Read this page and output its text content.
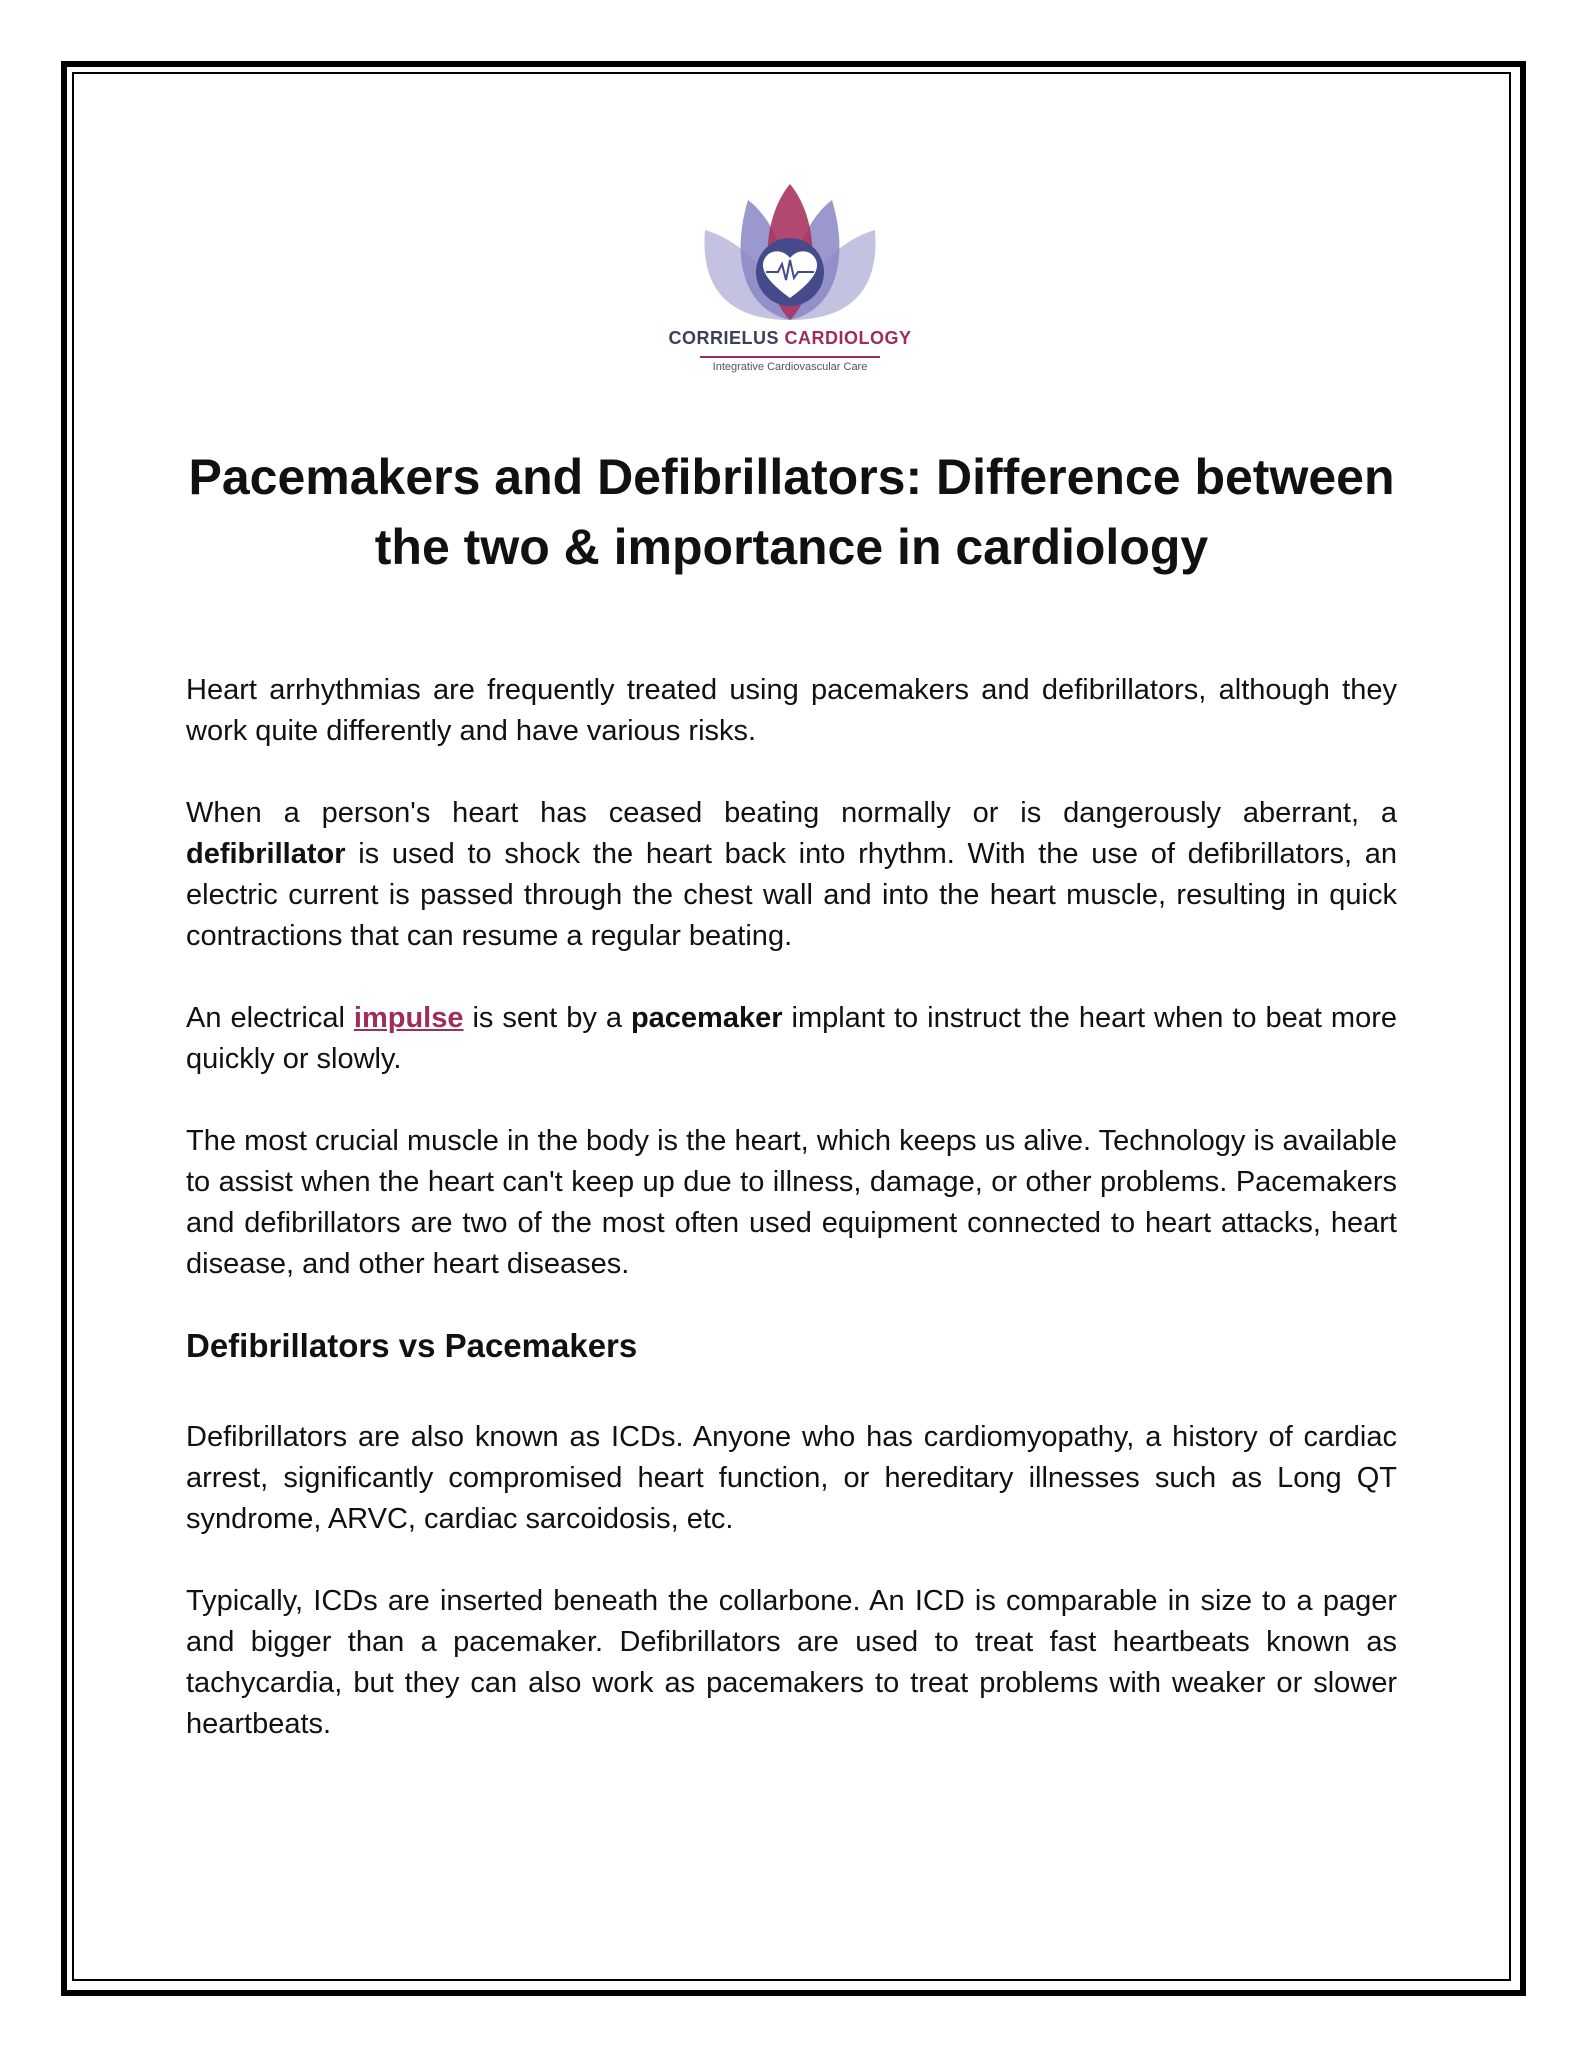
CORRIELUS CARDIOLOGY
Integrative Cardiovascular Care
Pacemakers and Defibrillators: Difference between the two & importance in cardiology

Heart arrhythmias are frequently treated using pacemakers and defibrillators, although they work quite differently and have various risks.

When a person's heart has ceased beating normally or is dangerously aberrant, a defibrillator is used to shock the heart back into rhythm. With the use of defibrillators, an electric current is passed through the chest wall and into the heart muscle, resulting in quick contractions that can resume a regular beating.

An electrical impulse is sent by a pacemaker implant to instruct the heart when to beat more quickly or slowly.

The most crucial muscle in the body is the heart, which keeps us alive. Technology is available to assist when the heart can't keep up due to illness, damage, or other problems. Pacemakers and defibrillators are two of the most often used equipment connected to heart attacks, heart disease, and other heart diseases.

Defibrillators vs Pacemakers

Defibrillators are also known as ICDs. Anyone who has cardiomyopathy, a history of cardiac arrest, significantly compromised heart function, or hereditary illnesses such as Long QT syndrome, ARVC, cardiac sarcoidosis, etc.

Typically, ICDs are inserted beneath the collarbone. An ICD is comparable in size to a pager and bigger than a pacemaker. Defibrillators are used to treat fast heartbeats known as tachycardia, but they can also work as pacemakers to treat problems with weaker or slower heartbeats.
